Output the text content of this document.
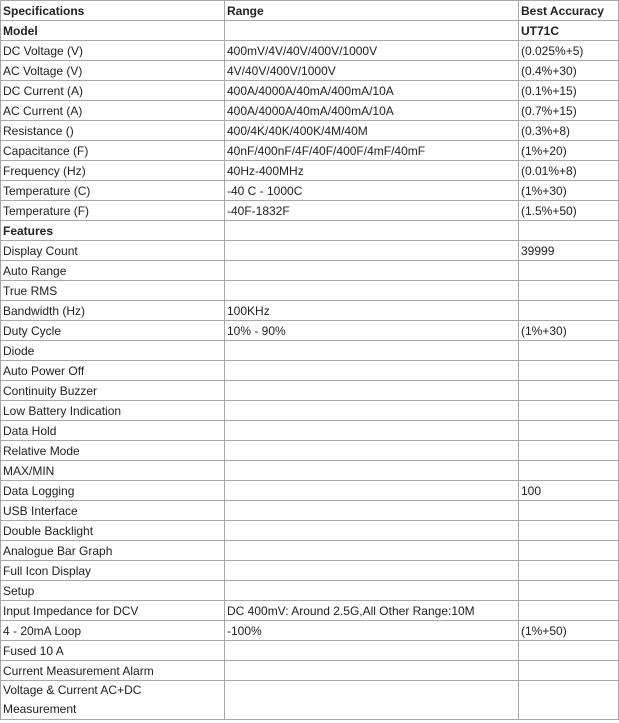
Specifications	Range	Best Accuracy
Model		UT71C
DC Voltage (V)	400mV/4V/40V/400V/1000V	(0.025%+5)
AC Voltage (V)	4V/40V/400V/1000V	(0.4%+30)
DC Current (A)	400A/4000A/40mA/400mA/10A	(0.1%+15)
AC Current (A)	400A/4000A/40mA/400mA/10A	(0.7%+15)
Resistance ()	400/4K/40K/400K/4M/40M	(0.3%+8)
Capacitance (F)	40nF/400nF/4F/40F/400F/4mF/40mF	(1%+20)
Frequency (Hz)	40Hz-400MHz	(0.01%+8)
Temperature (C)	-40 C - 1000C	(1%+30)
Temperature (F)	-40F-1832F	(1.5%+50)
Features		
Display Count		39999
Auto Range		
True RMS		
Bandwidth (Hz)	100KHz	
Duty Cycle	10% - 90%	(1%+30)
Diode		
Auto Power Off		
Continuity Buzzer		
Low Battery Indication		
Data Hold		
Relative Mode		
MAX/MIN		
Data Logging		100
USB Interface		
Double Backlight		
Analogue Bar Graph		
Full Icon Display		
Setup		
Input Impedance for DCV	DC 400mV: Around 2.5G,All Other Range:10M	
4 - 20mA Loop	-100%	(1%+50)
Fused 10 A		
Current Measurement Alarm		

Voltage & Current AC+DC
Measurement		
